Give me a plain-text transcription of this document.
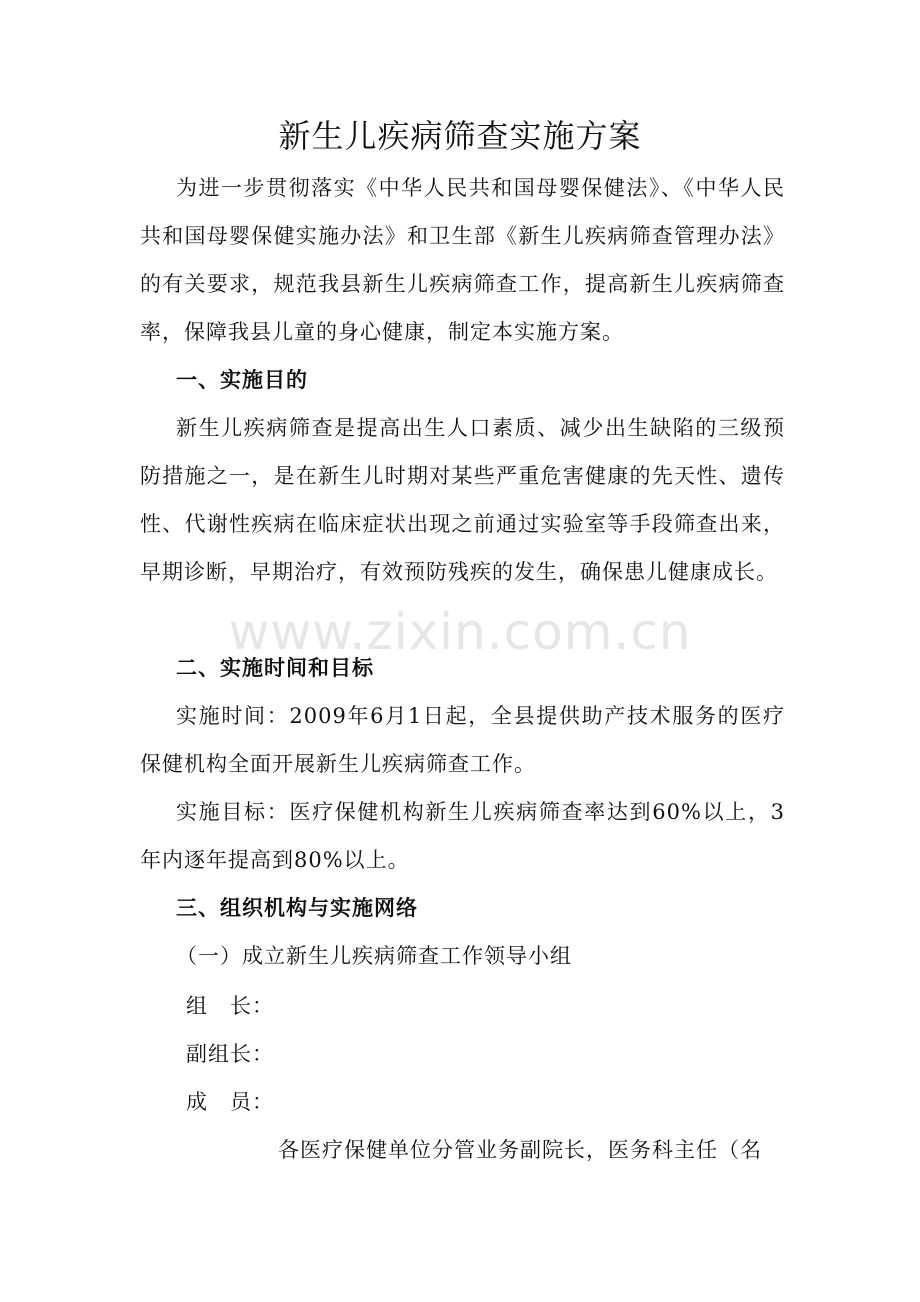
新生儿疾病筛查实施方案
为进一步贯彻落实《中华人民共和国母婴保健法》、《中华人民共和国母婴保健实施办法》和卫生部《新生儿疾病筛查管理办法》的有关要求，规范我县新生儿疾病筛查工作，提高新生儿疾病筛查率，保障我县儿童的身心健康，制定本实施方案。
一、实施目的
新生儿疾病筛查是提高出生人口素质、减少出生缺陷的三级预防措施之一，是在新生儿时期对某些严重危害健康的先天性、遗传性、代谢性疾病在临床症状出现之前通过实验室等手段筛查出来，早期诊断，早期治疗，有效预防残疾的发生，确保患儿健康成长。
二、实施时间和目标
实施时间：2009年6月1日起，全县提供助产技术服务的医疗保健机构全面开展新生儿疾病筛查工作。
实施目标：医疗保健机构新生儿疾病筛查率达到60%以上，3年内逐年提高到80%以上。
三、组织机构与实施网络
（一）成立新生儿疾病筛查工作领导小组
组　长：
副组长：
成　员：
各医疗保健单位分管业务副院长，医务科主任（名
www.zixin.com.cn
